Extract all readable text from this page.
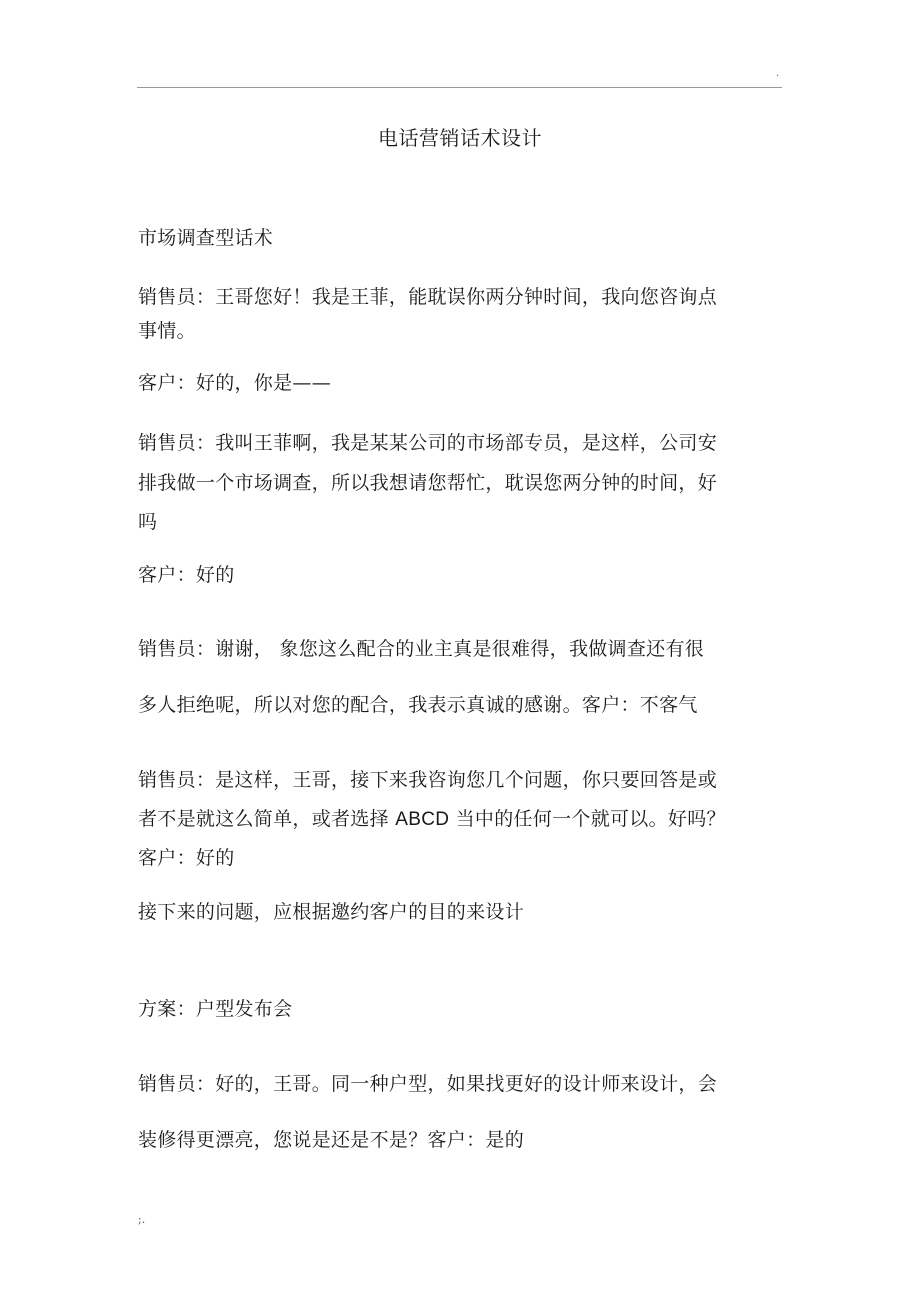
.
电话营销话术设计
市场调查型话术
销售员：王哥您好！我是王菲，能耽误你两分钟时间，我向您咨询点
事情。
客户：好的，你是——
销售员：我叫王菲啊，我是某某公司的市场部专员，是这样，公司安
排我做一个市场调查，所以我想请您帮忙，耽误您两分钟的时间，好
吗
客户：好的
销售员：谢谢， 象您这么配合的业主真是很难得，我做调查还有很
多人拒绝呢，所以对您的配合，我表示真诚的感谢。客户：不客气
销售员：是这样，王哥，接下来我咨询您几个问题，你只要回答是或
者不是就这么简单，或者选择 ABCD 当中的任何一个就可以。好吗？
客户：好的
接下来的问题，应根据邀约客户的目的来设计
方案：户型发布会
销售员：好的，王哥。同一种户型，如果找更好的设计师来设计，会
装修得更漂亮，您说是还是不是？客户：是的
;.
